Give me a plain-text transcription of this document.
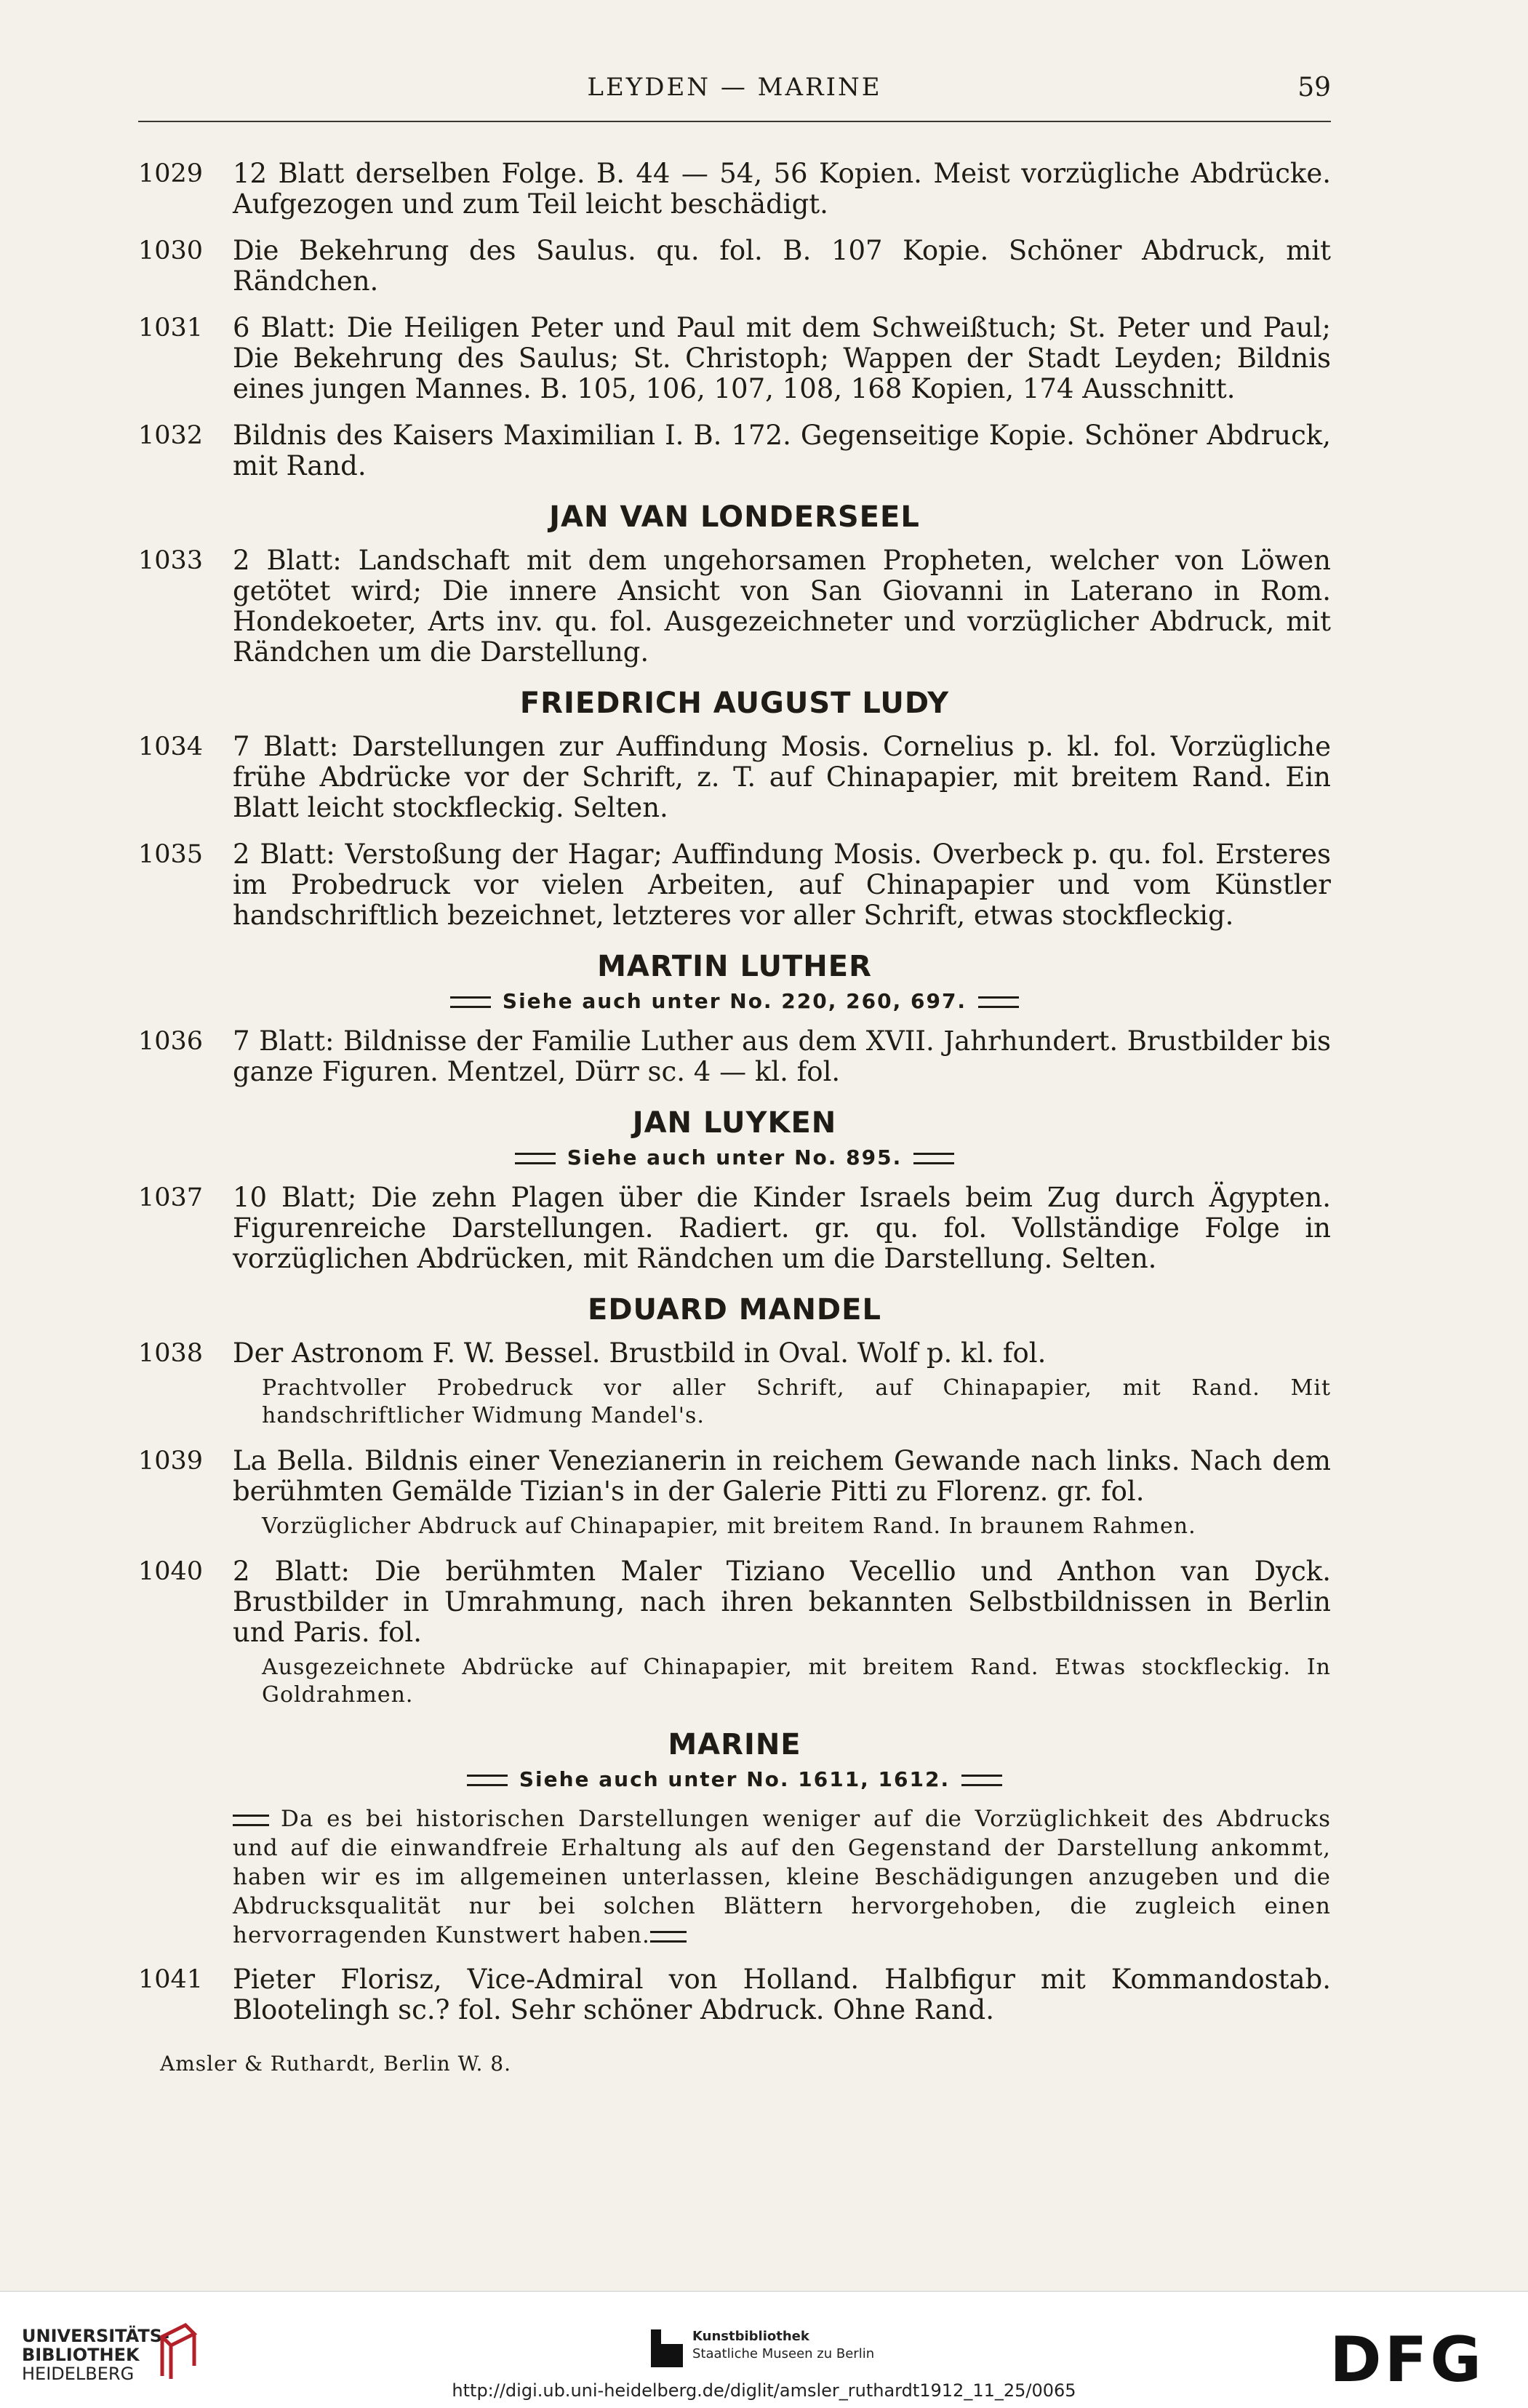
LEYDEN — MARINE	59
1029	12 Blatt derselben Folge. B. 44 — 54, 56 Kopien. Meist vorzügliche Abdrücke. Aufgezogen und zum Teil leicht beschädigt.
1030	Die Bekehrung des Saulus. qu. fol. B. 107 Kopie. Schöner Abdruck, mit Rändchen.
1031	6 Blatt: Die Heiligen Peter und Paul mit dem Schweißtuch; St. Peter und Paul; Die Bekehrung des Saulus; St. Christoph; Wappen der Stadt Leyden; Bildnis eines jungen Mannes. B. 105, 106, 107, 108, 168 Kopien, 174 Ausschnitt.
1032	Bildnis des Kaisers Maximilian I. B. 172. Gegenseitige Kopie. Schöner Abdruck, mit Rand.
JAN VAN LONDERSEEL
1033	2 Blatt: Landschaft mit dem ungehorsamen Propheten, welcher von Löwen getötet wird; Die innere Ansicht von San Giovanni in Laterano in Rom. Hondekoeter, Arts inv. qu. fol. Ausgezeichneter und vorzüglicher Abdruck, mit Rändchen um die Darstellung.
FRIEDRICH AUGUST LUDY
1034	7 Blatt: Darstellungen zur Auffindung Mosis. Cornelius p. kl. fol. Vorzügliche frühe Abdrücke vor der Schrift, z. T. auf Chinapapier, mit breitem Rand. Ein Blatt leicht stockfleckig. Selten.
1035	2 Blatt: Verstoßung der Hagar; Auffindung Mosis. Overbeck p. qu. fol. Ersteres im Probedruck vor vielen Arbeiten, auf Chinapapier und vom Künstler handschriftlich bezeichnet, letzteres vor aller Schrift, etwas stockfleckig.
MARTIN LUTHER
Siehe auch unter No. 220, 260, 697.
1036	7 Blatt: Bildnisse der Familie Luther aus dem XVII. Jahrhundert. Brustbilder bis ganze Figuren. Mentzel, Dürr sc. 4 — kl. fol.
JAN LUYKEN
Siehe auch unter No. 895.
1037	10 Blatt; Die zehn Plagen über die Kinder Israels beim Zug durch Ägypten. Figurenreiche Darstellungen. Radiert. gr. qu. fol. Vollständige Folge in vorzüglichen Abdrücken, mit Rändchen um die Darstellung. Selten.
EDUARD MANDEL
1038	Der Astronom F. W. Bessel. Brustbild in Oval. Wolf p. kl. fol.
Prachtvoller Probedruck vor aller Schrift, auf Chinapapier, mit Rand. Mit handschriftlicher Widmung Mandel's.
1039	La Bella. Bildnis einer Venezianerin in reichem Gewande nach links. Nach dem berühmten Gemälde Tizian's in der Galerie Pitti zu Florenz. gr. fol.
Vorzüglicher Abdruck auf Chinapapier, mit breitem Rand. In braunem Rahmen.
1040	2 Blatt: Die berühmten Maler Tiziano Vecellio und Anthon van Dyck. Brustbilder in Umrahmung, nach ihren bekannten Selbstbildnissen in Berlin und Paris. fol.
Ausgezeichnete Abdrücke auf Chinapapier, mit breitem Rand. Etwas stockfleckig. In Goldrahmen.
MARINE
Siehe auch unter No. 1611, 1612.
Da es bei historischen Darstellungen weniger auf die Vorzüglichkeit des Abdrucks und auf die einwandfreie Erhaltung als auf den Gegenstand der Darstellung ankommt, haben wir es im allgemeinen unterlassen, kleine Beschädigungen anzugeben und die Abdrucksqualität nur bei solchen Blättern hervorgehoben, die zugleich einen hervorragenden Kunstwert haben.
1041	Pieter Florisz, Vice-Admiral von Holland. Halbfigur mit Kommandostab. Blootelingh sc.? fol. Sehr schöner Abdruck. Ohne Rand.
Amsler & Ruthardt, Berlin W. 8.
UNIVERSITÄTS-
BIBLIOTHEK
HEIDELBERG
Kunstbibliothek
Staatliche Museen zu Berlin	DFG
http://digi.ub.uni-heidelberg.de/diglit/amsler_ruthardt1912_11_25/0065
